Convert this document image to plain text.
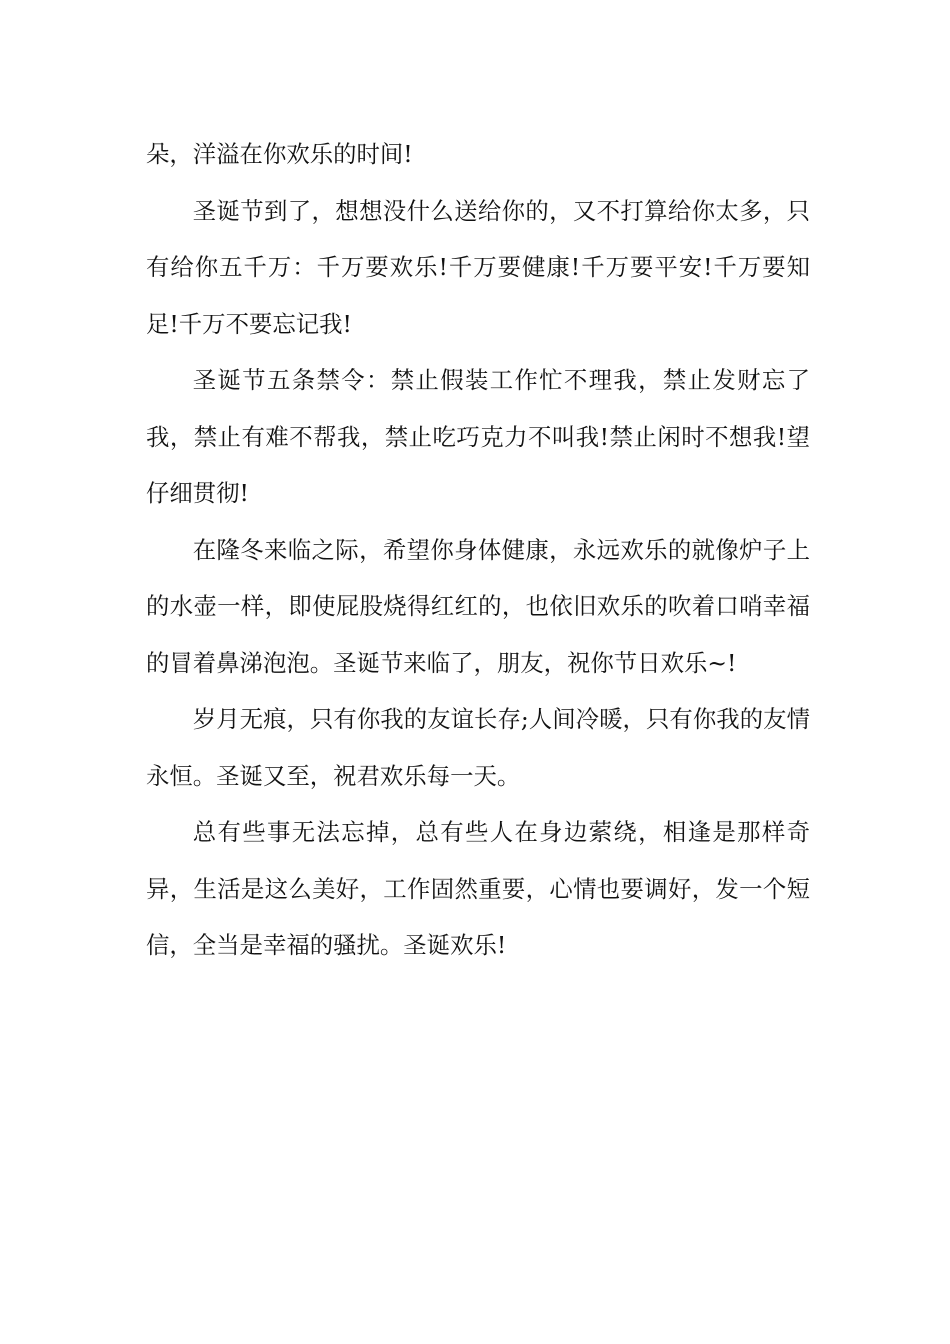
朵，洋溢在你欢乐的时间!

圣诞节到了，想想没什么送给你的，又不打算给你太多，只有给你五千万：千万要欢乐!千万要健康!千万要平安!千万要知足!千万不要忘记我!

圣诞节五条禁令：禁止假装工作忙不理我，禁止发财忘了我，禁止有难不帮我，禁止吃巧克力不叫我!禁止闲时不想我!望仔细贯彻!

在隆冬来临之际，希望你身体健康，永远欢乐的就像炉子上的水壶一样，即使屁股烧得红红的，也依旧欢乐的吹着口哨幸福的冒着鼻涕泡泡。圣诞节来临了，朋友，祝你节日欢乐~!

岁月无痕，只有你我的友谊长存;人间冷暖，只有你我的友情永恒。圣诞又至，祝君欢乐每一天。

总有些事无法忘掉，总有些人在身边萦绕，相逢是那样奇异，生活是这么美好，工作固然重要，心情也要调好，发一个短信，全当是幸福的骚扰。圣诞欢乐!
